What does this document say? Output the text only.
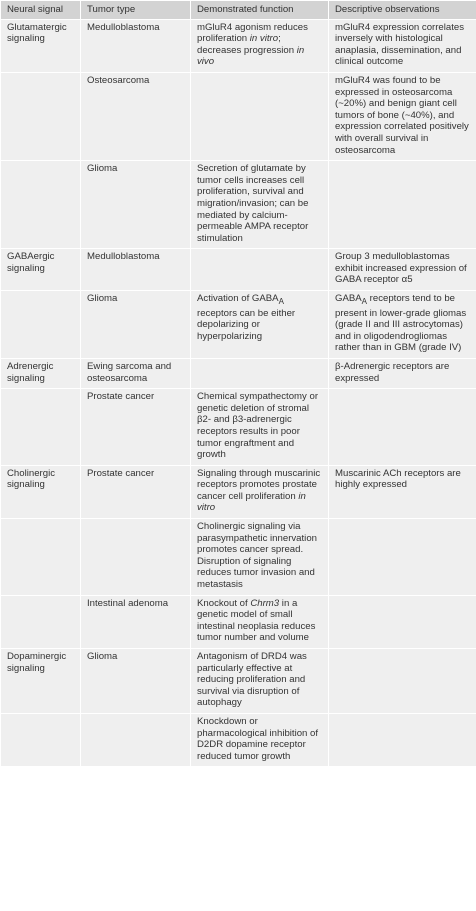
Neural signal	Tumor type	Demonstrated function	Descriptive observations
Glutamatergic signaling	Medulloblastoma	mGluR4 agonism reduces proliferation in vitro; decreases progression in vivo	mGluR4 expression correlates inversely with histological anaplasia, dissemination, and clinical outcome
	Osteosarcoma		mGluR4 was found to be expressed in osteosarcoma (~20%) and benign giant cell tumors of bone (~40%), and expression correlated positively with overall survival in osteosarcoma
	Glioma	Secretion of glutamate by tumor cells increases cell proliferation, survival and migration/invasion; can be mediated by calcium-permeable AMPA receptor stimulation	
GABAergic signaling	Medulloblastoma		Group 3 medulloblastomas exhibit increased expression of GABA receptor α5
	Glioma	Activation of $GABA_A$ receptors can be either depolarizing or hyperpolarizing	$GABA_A$ receptors tend to be present in lower-grade gliomas (grade II and III astrocytomas) and in oligodendrogliomas rather than in GBM (grade IV)
Adrenergic signaling	Ewing sarcoma and osteosarcoma		β-Adrenergic receptors are expressed
	Prostate cancer	Chemical sympathectomy or genetic deletion of stromal β2- and β3-adrenergic receptors results in poor tumor engraftment and growth	
Cholinergic signaling	Prostate cancer	Signaling through muscarinic receptors promotes prostate cancer cell proliferation in vitro	Muscarinic ACh receptors are highly expressed
		Cholinergic signaling via parasympathetic innervation promotes cancer spread. Disruption of signaling reduces tumor invasion and metastasis	
	Intestinal adenoma	Knockout of Chrm3 in a genetic model of small intestinal neoplasia reduces tumor number and volume	
Dopaminergic signaling	Glioma	Antagonism of DRD4 was particularly effective at reducing proliferation and survival via disruption of autophagy	
		Knockdown or pharmacological inhibition of D2DR dopamine receptor reduced tumor growth	
